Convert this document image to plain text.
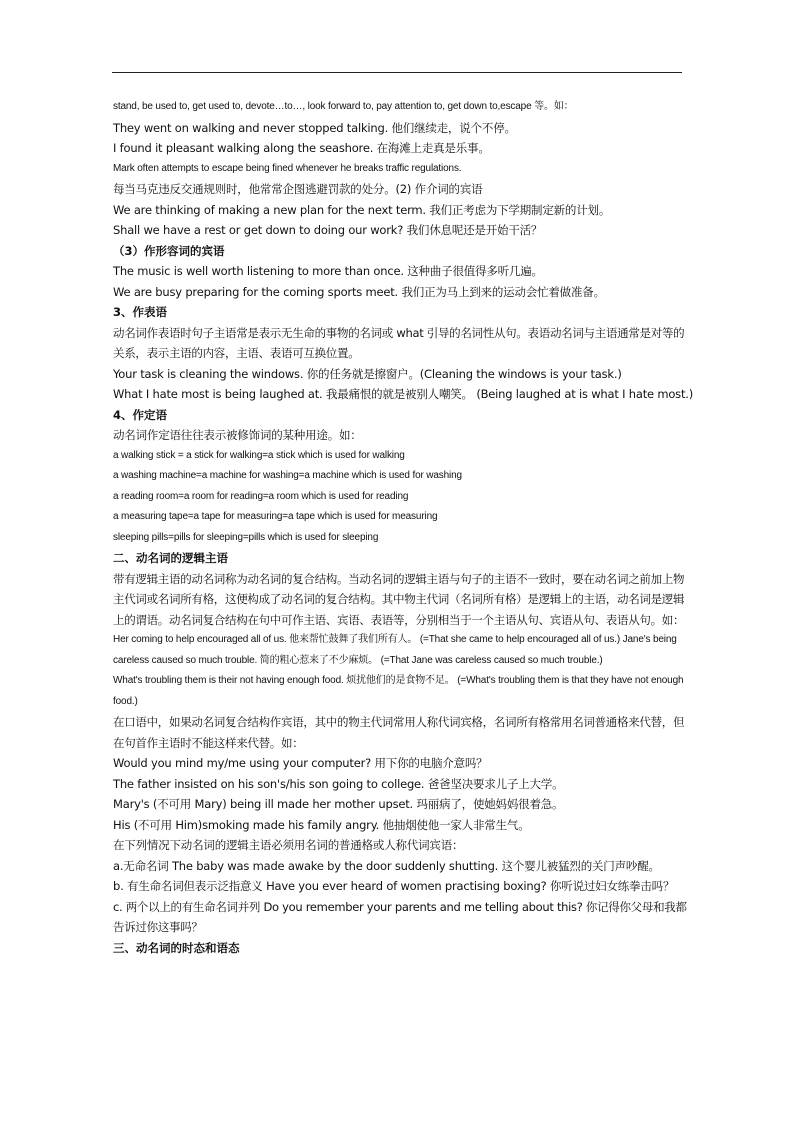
stand, be used to, get used to, devote…to…, look forward to, pay attention to, get down to,escape 等。如：

They went on walking and never stopped talking. 他们继续走，说个不停。

I found it pleasant walking along the seashore. 在海滩上走真是乐事。

Mark often attempts to escape being fined whenever he breaks traffic regulations.

每当马克违反交通规则时，他常常企图逃避罚款的处分。(2) 作介词的宾语

We are thinking of making a new plan for the next term. 我们正考虑为下学期制定新的计划。

Shall we have a rest or get down to doing our work? 我们休息呢还是开始干活？

（3）作形容词的宾语

The music is well worth listening to more than once. 这种曲子很值得多听几遍。

We are busy preparing for the coming sports meet. 我们正为马上到来的运动会忙着做准备。

3、作表语

动名词作表语时句子主语常是表示无生命的事物的名词或 what 引导的名词性从句。表语动名词与主语通常是对等的关系，表示主语的内容，主语、表语可互换位置。

Your task is cleaning the windows. 你的任务就是擦窗户。(Cleaning the windows is your task.)

What I hate most is being laughed at. 我最痛恨的就是被别人嘲笑。 (Being laughed at is what I hate most.)

4、作定语

动名词作定语往往表示被修饰词的某种用途。如：

a walking stick = a stick for walking=a stick which is used for walking

a washing machine=a machine for washing=a machine which is used for washing

a reading room=a room for reading=a room which is used for reading

a measuring tape=a tape for measuring=a tape which is used for measuring

sleeping pills=pills for sleeping=pills which is used for sleeping

二、动名词的逻辑主语

带有逻辑主语的动名词称为动名词的复合结构。当动名词的逻辑主语与句子的主语不一致时，要在动名词之前加上物主代词或名词所有格，这便构成了动名词的复合结构。其中物主代词（名词所有格）是逻辑上的主语，动名词是逻辑上的谓语。动名词复合结构在句中可作主语、宾语、表语等，分别相当于一个主语从句、宾语从句、表语从句。如：

Her coming to help encouraged all of us. 他来帮忙鼓舞了我们所有人。 (=That she came to help encouraged all of us.) Jane's being careless caused so much trouble. 简的粗心惹来了不少麻烦。 (=That Jane was careless caused so much trouble.)

What's troubling them is their not having enough food. 烦扰他们的是食物不足。 (=What's troubling them is that they have not enough food.)

在口语中，如果动名词复合结构作宾语，其中的物主代词常用人称代词宾格，名词所有格常用名词普通格来代替，但在句首作主语时不能这样来代替。如：

Would you mind my/me using your computer? 用下你的电脑介意吗？

The father insisted on his son's/his son going to college. 爸爸坚决要求儿子上大学。

Mary's (不可用 Mary) being ill made her mother upset. 玛丽病了，使她妈妈很着急。

His (不可用 Him)smoking made his family angry. 他抽烟使他一家人非常生气。

在下列情况下动名词的逻辑主语必须用名词的普通格或人称代词宾语：

a.无命名词 The baby was made awake by the door suddenly shutting. 这个婴儿被猛烈的关门声吵醒。

b. 有生命名词但表示泛指意义 Have you ever heard of women practising boxing? 你听说过妇女练拳击吗？

c. 两个以上的有生命名词并列 Do you remember your parents and me telling about this? 你记得你父母和我都告诉过你这事吗？

三、动名词的时态和语态
